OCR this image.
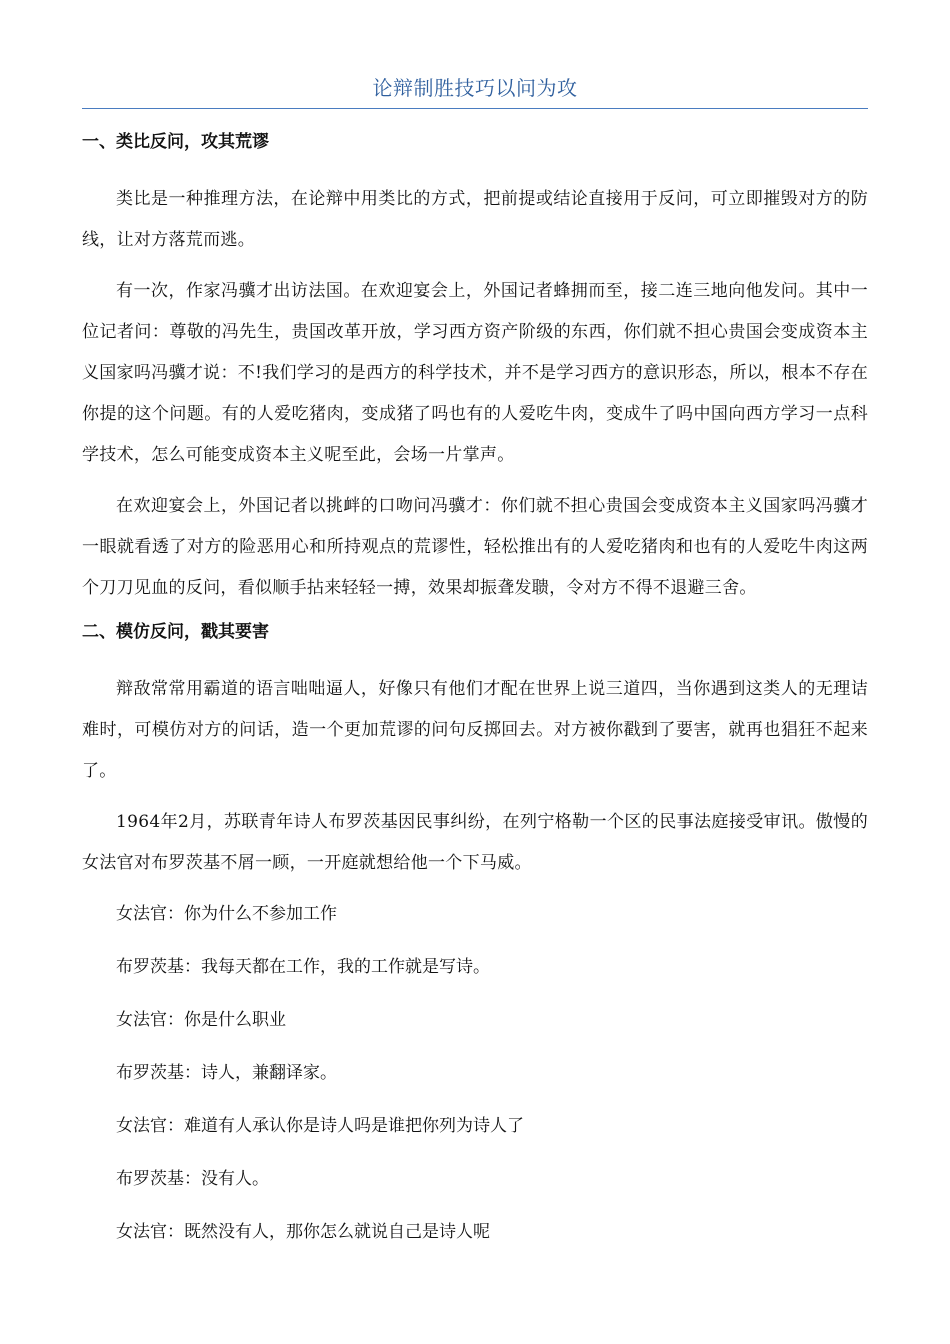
论辩制胜技巧以问为攻
一、类比反问，攻其荒谬

类比是一种推理方法，在论辩中用类比的方式，把前提或结论直接用于反问，可立即摧毁对方的防线，让对方落荒而逃。

有一次，作家冯骥才出访法国。在欢迎宴会上，外国记者蜂拥而至，接二连三地向他发问。其中一位记者问：尊敬的冯先生，贵国改革开放，学习西方资产阶级的东西，你们就不担心贵国会变成资本主义国家吗冯骥才说：不!我们学习的是西方的科学技术，并不是学习西方的意识形态，所以，根本不存在你提的这个问题。有的人爱吃猪肉，变成猪了吗也有的人爱吃牛肉，变成牛了吗中国向西方学习一点科学技术，怎么可能变成资本主义呢至此，会场一片掌声。

在欢迎宴会上，外国记者以挑衅的口吻问冯骥才：你们就不担心贵国会变成资本主义国家吗冯骥才一眼就看透了对方的险恶用心和所持观点的荒谬性，轻松推出有的人爱吃猪肉和也有的人爱吃牛肉这两个刀刀见血的反问，看似顺手拈来轻轻一搏，效果却振聋发聩，令对方不得不退避三舍。

二、模仿反问，戳其要害

辩敌常常用霸道的语言咄咄逼人，好像只有他们才配在世界上说三道四，当你遇到这类人的无理诘难时，可模仿对方的问话，造一个更加荒谬的问句反掷回去。对方被你戳到了要害，就再也猖狂不起来了。

1964年2月，苏联青年诗人布罗茨基因民事纠纷，在列宁格勒一个区的民事法庭接受审讯。傲慢的女法官对布罗茨基不屑一顾，一开庭就想给他一个下马威。

女法官：你为什么不参加工作

布罗茨基：我每天都在工作，我的工作就是写诗。

女法官：你是什么职业

布罗茨基：诗人，兼翻译家。

女法官：难道有人承认你是诗人吗是谁把你列为诗人了

布罗茨基：没有人。

女法官：既然没有人，那你怎么就说自己是诗人呢
